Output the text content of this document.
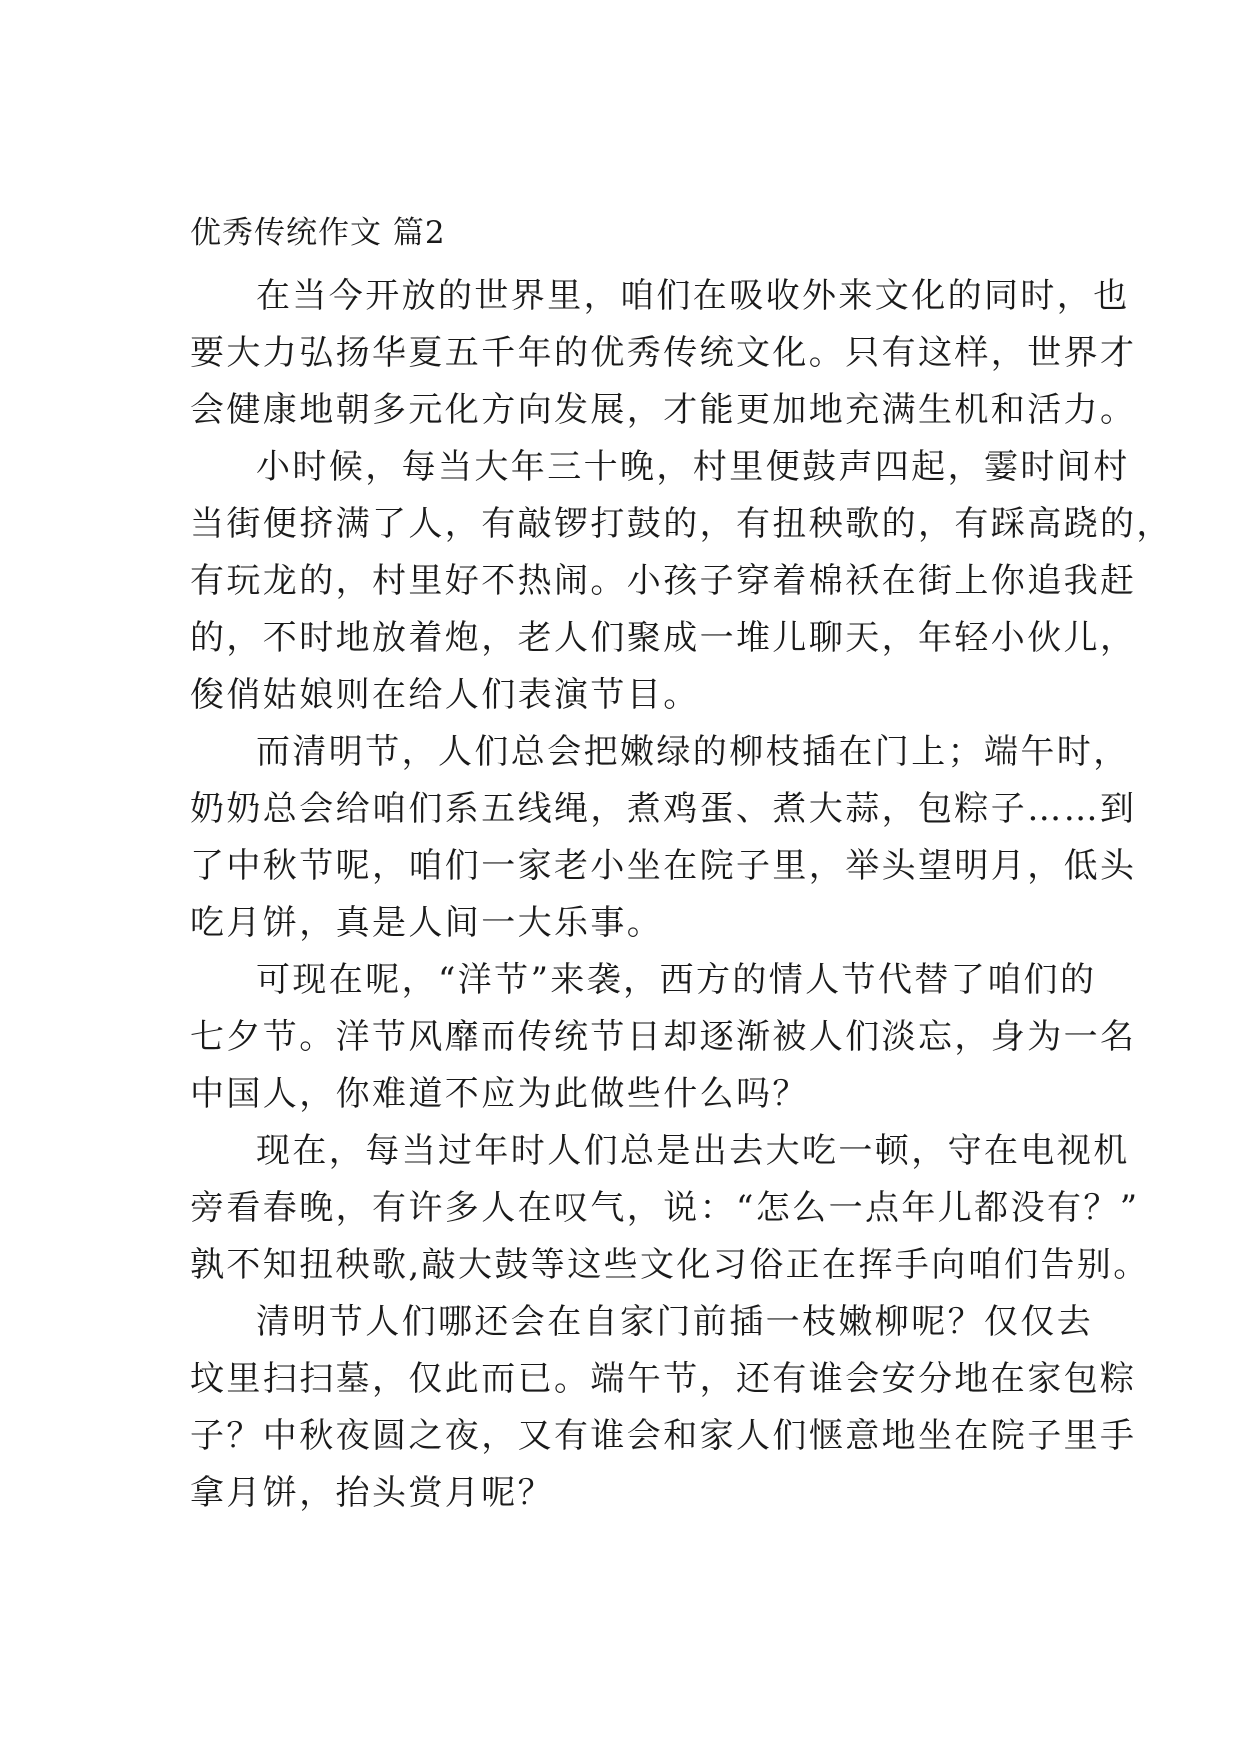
优秀传统作文 篇2
在当今开放的世界里，咱们在吸收外来文化的同时，也
要大力弘扬华夏五千年的优秀传统文化。只有这样，世界才
会健康地朝多元化方向发展，才能更加地充满生机和活力。
小时候，每当大年三十晚，村里便鼓声四起，霎时间村
当街便挤满了人，有敲锣打鼓的，有扭秧歌的，有踩高跷的，
有玩龙的，村里好不热闹。小孩子穿着棉袄在街上你追我赶
的，不时地放着炮，老人们聚成一堆儿聊天，年轻小伙儿，
俊俏姑娘则在给人们表演节目。
而清明节，人们总会把嫩绿的柳枝插在门上；端午时，
奶奶总会给咱们系五线绳，煮鸡蛋、煮大蒜，包粽子……到
了中秋节呢，咱们一家老小坐在院子里，举头望明月，低头
吃月饼，真是人间一大乐事。
可现在呢，“洋节”来袭，西方的情人节代替了咱们的
七夕节。洋节风靡而传统节日却逐渐被人们淡忘，身为一名
中国人，你难道不应为此做些什么吗？
现在，每当过年时人们总是出去大吃一顿，守在电视机
旁看春晚，有许多人在叹气，说：“怎么一点年儿都没有？”
孰不知扭秧歌,敲大鼓等这些文化习俗正在挥手向咱们告别。
清明节人们哪还会在自家门前插一枝嫩柳呢？仅仅去
坟里扫扫墓，仅此而已。端午节，还有谁会安分地在家包粽
子？中秋夜圆之夜，又有谁会和家人们惬意地坐在院子里手
拿月饼，抬头赏月呢？
